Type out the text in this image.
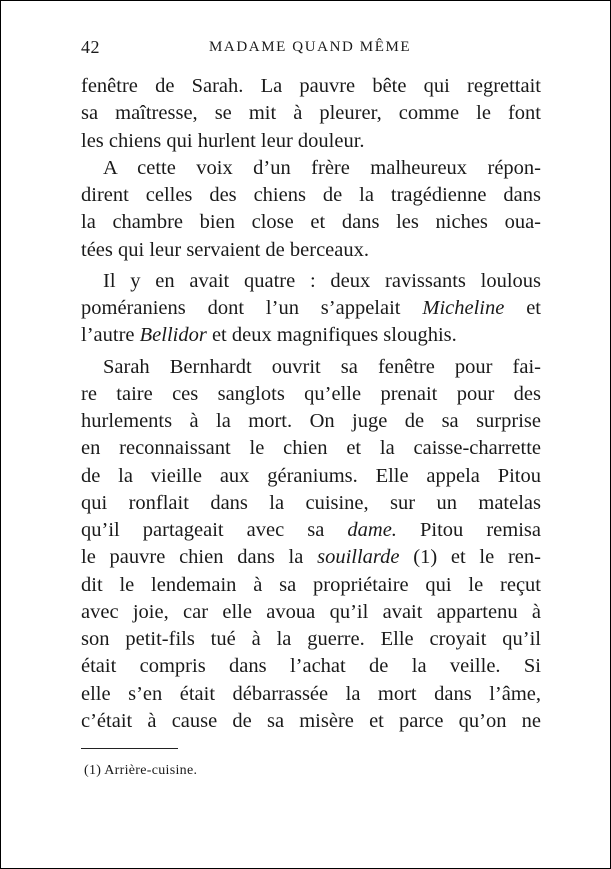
42	MADAME QUAND MÊME
fenêtre de Sarah. La pauvre bête qui regrettait
sa maîtresse, se mit à pleurer, comme le font
les chiens qui hurlent leur douleur.
A cette voix d’un frère malheureux répon-
dirent celles des chiens de la tragédienne dans
la chambre bien close et dans les niches oua-
tées qui leur servaient de berceaux.
Il y en avait quatre : deux ravissants loulous
poméraniens dont l’un s’appelait Micheline et
l’autre Bellidor et deux magnifiques sloughis.
Sarah Bernhardt ouvrit sa fenêtre pour fai-
re taire ces sanglots qu’elle prenait pour des
hurlements à la mort. On juge de sa surprise
en reconnaissant le chien et la caisse-charrette
de la vieille aux géraniums. Elle appela Pitou
qui ronflait dans la cuisine, sur un matelas
qu’il partageait avec sa dame. Pitou remisa
le pauvre chien dans la souillarde (1) et le ren-
dit le lendemain à sa propriétaire qui le reçut
avec joie, car elle avoua qu’il avait appartenu à
son petit-fils tué à la guerre. Elle croyait qu’il
était compris dans l’achat de la veille. Si
elle s’en était débarrassée la mort dans l’âme,
c’était à cause de sa misère et parce qu’on ne
(1) Arrière-cuisine.
